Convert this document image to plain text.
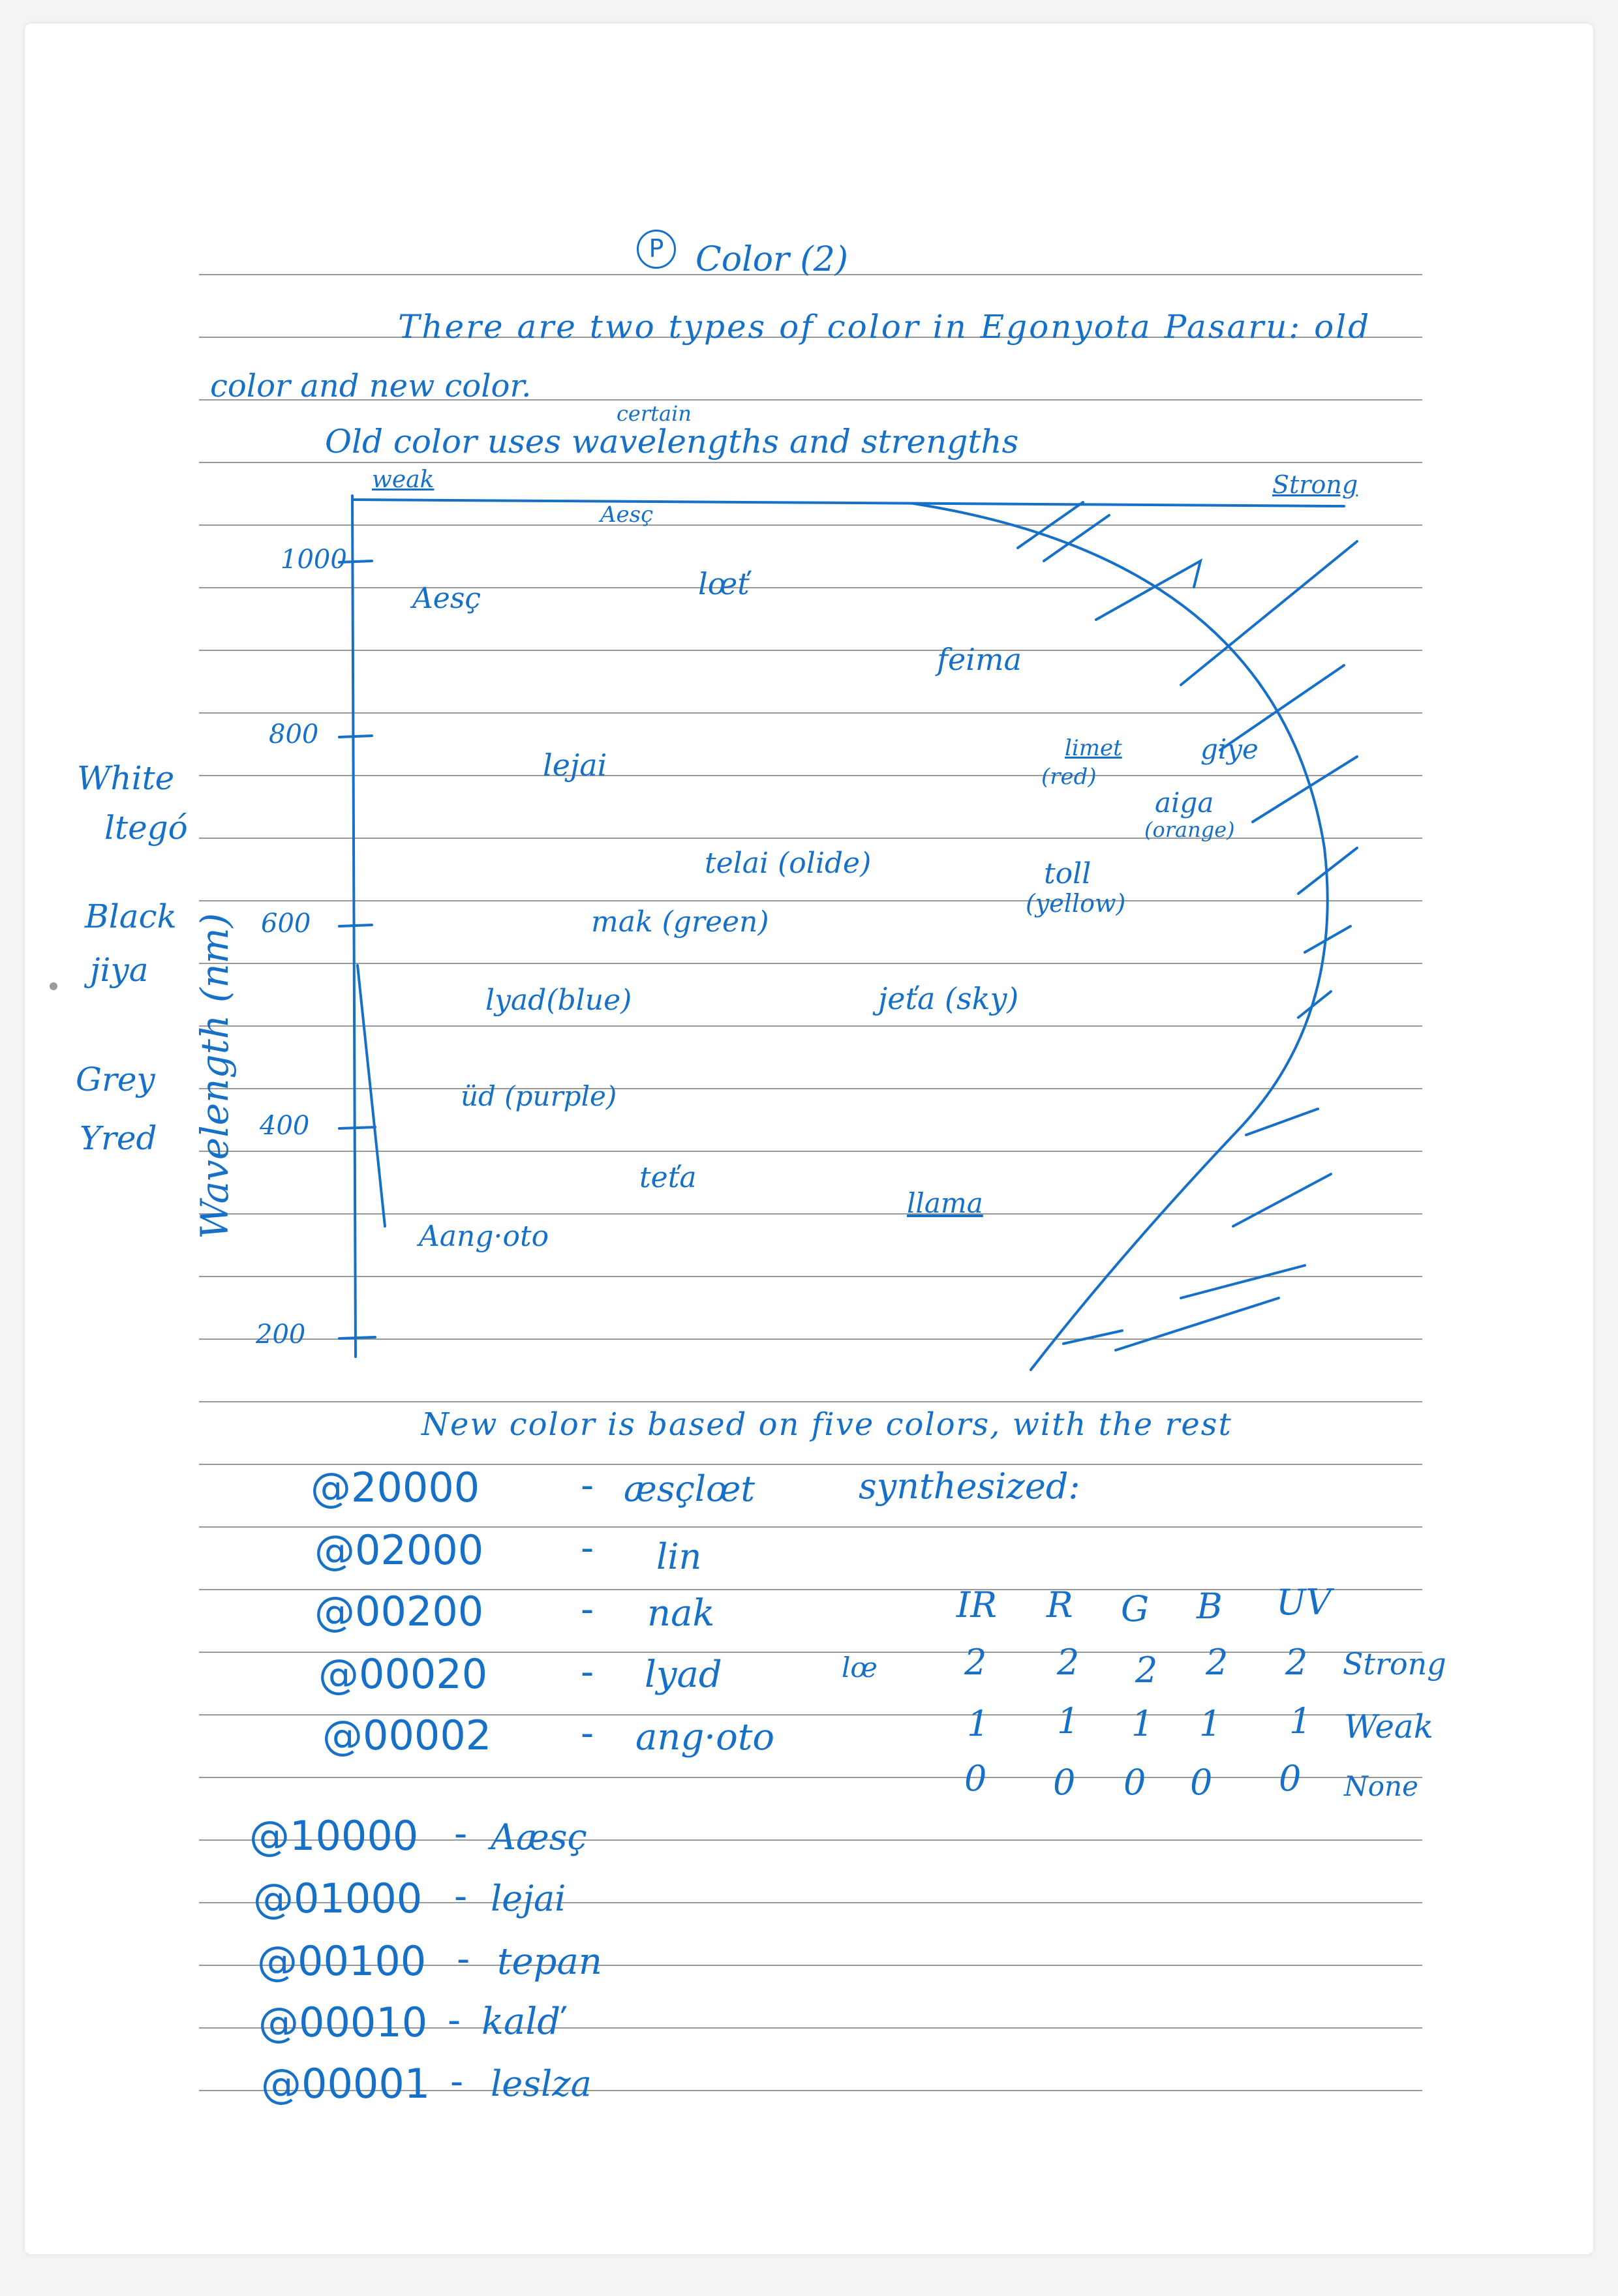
P Color (2)
There are two types of color in Egonyota Pasaru: old
color and new color.
certain
Old color uses wavelengths and strengths
weak	Strong
1000
800
600
400
200
Wavelength (nm)
Aesç
Aesç	lœť
feima
lejai	limet
(red)
giye
aiga
(orange)
telai (olide)	toll
(yellow)
mak (green)
lyad(blue)	jeťa (sky)
üd (purple)
teťa
llama
Aang·oto
White
ltegó
Black
jiya
Grey
Yred
New color is based on five colors, with the rest
synthesized:
@20000	- æsçlœt
@02000	- lin
@00200	- nak
@00020	- lyad
@00002 - ang·oto
IR R G B UV
lœ 2 2 2 2 2 Strong
1 1 1 1 1 Weak
0 0 0 0 0 None
@10000 - Aæsç
@01000 - lejai
@00100 - tepan
@00010 - kalď
@00001 - leslza
